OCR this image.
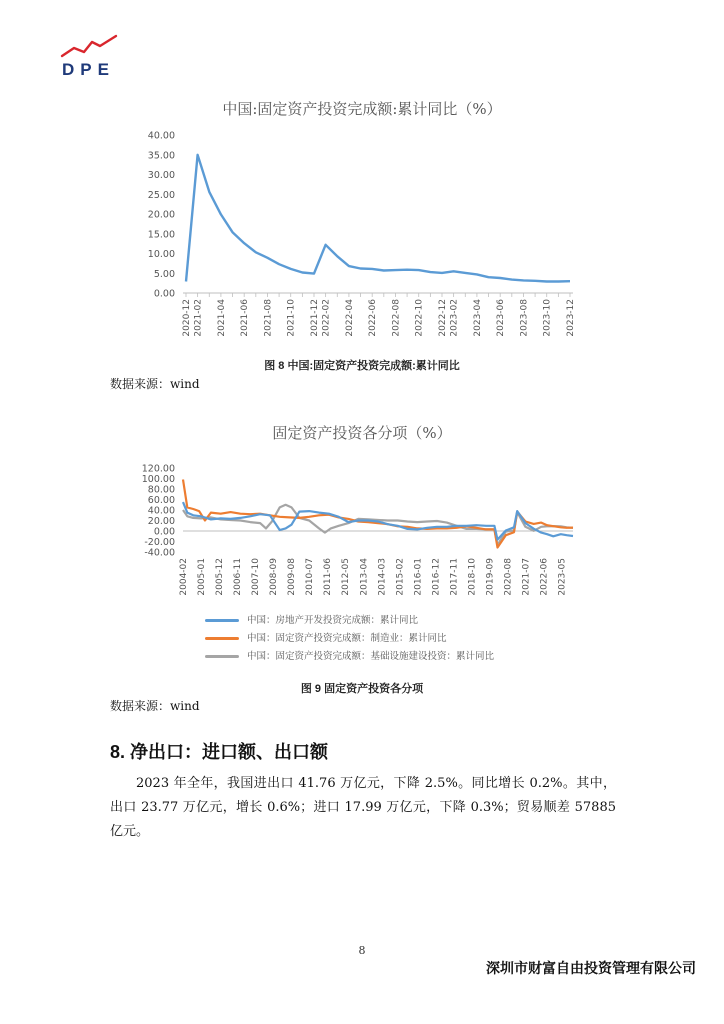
DPE
中国:固定资产投资完成额:累计同比（%）
40.00
35.00
30.00
25.00
20.00
15.00
10.00
5.00
0.00
2020-12 2021-02 2021-04 2021-06 2021-08 2021-10 2021-12 2022-02 2022-04 2022-06 2022-08 2022-10 2022-12 2023-02 2023-04 2023-06 2023-08 2023-10 2023-12
图 8 中国:固定资产投资完成额:累计同比
数据来源：wind
固定资产投资各分项（%）
120.00
100.00
80.00
60.00
40.00
20.00
0.00
-20.00
-40.00
2004-02 2005-01 2005-12 2006-11 2007-10 2008-09 2009-08 2010-07 2011-06 2012-05 2013-04 2014-03 2015-02 2016-01 2016-12 2017-11 2018-10 2019-09 2020-08 2021-07 2022-06 2023-05
中国：房地产开发投资完成额：累计同比
中国：固定资产投资完成额：制造业：累计同比
中国：固定资产投资完成额：基础设施建设投资：累计同比
图 9 固定资产投资各分项
数据来源：wind
8. 净出口：进口额、出口额
2023 年全年，我国进出口 41.76 万亿元，下降 2.5%。同比增长 0.2%。其中，出口 23.77 万亿元，增长 0.6%；进口 17.99 万亿元，下降 0.3%；贸易顺差 57885 亿元。
8
深圳市财富自由投资管理有限公司
